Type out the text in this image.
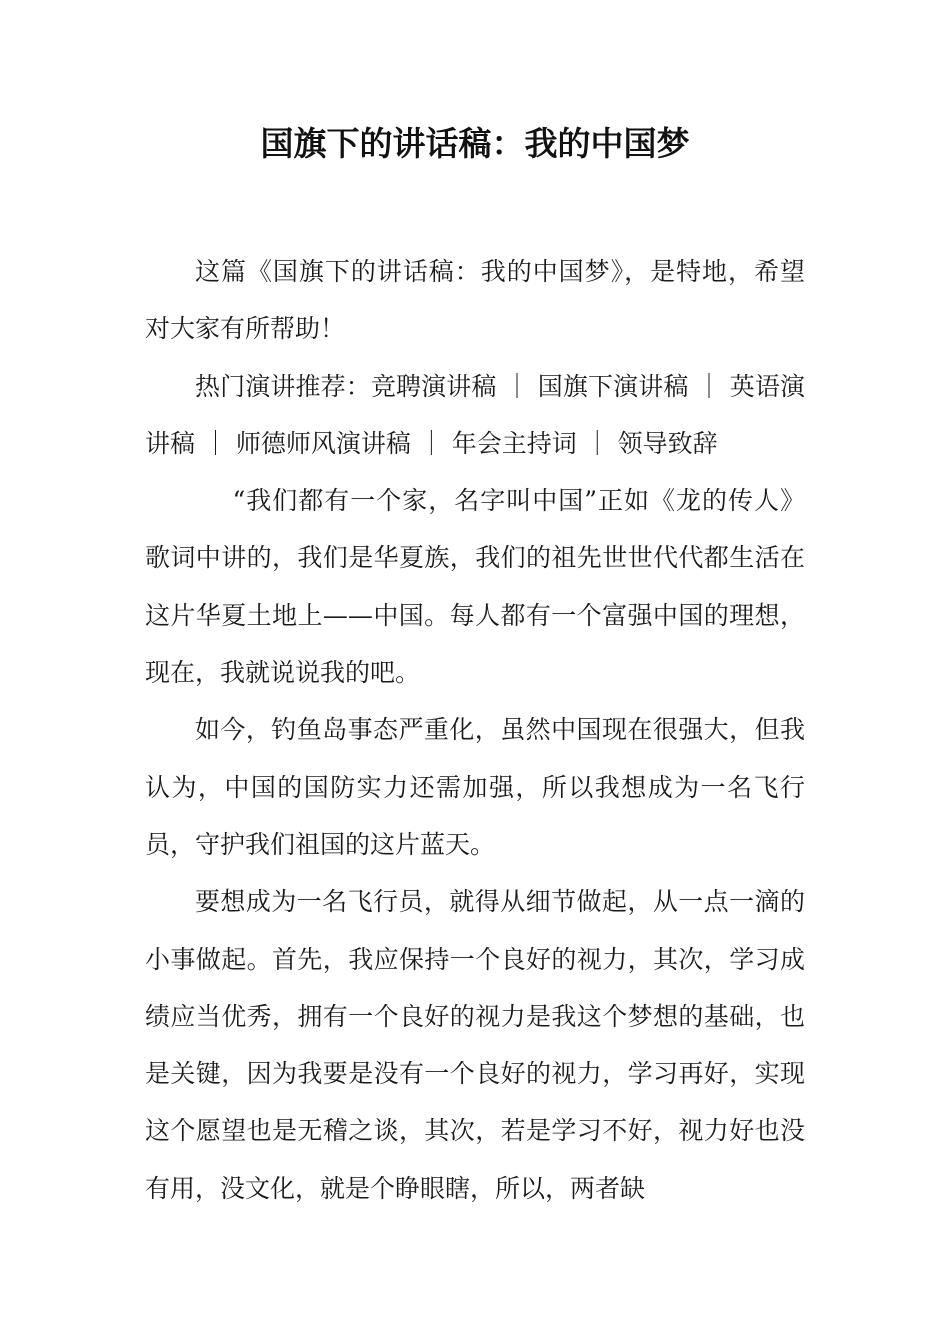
国旗下的讲话稿：我的中国梦

这篇《国旗下的讲话稿：我的中国梦》，是特地，希望对大家有所帮助！

热门演讲推荐：竞聘演讲稿 ｜ 国旗下演讲稿 ｜ 英语演讲稿 ｜ 师德师风演讲稿 ｜ 年会主持词 ｜ 领导致辞

“我们都有一个家，名字叫中国”正如《龙的传人》歌词中讲的，我们是华夏族，我们的祖先世世代代都生活在这片华夏土地上——中国。每人都有一个富强中国的理想，现在，我就说说我的吧。

如今，钓鱼岛事态严重化，虽然中国现在很强大，但我认为，中国的国防实力还需加强，所以我想成为一名飞行员，守护我们祖国的这片蓝天。

要想成为一名飞行员，就得从细节做起，从一点一滴的小事做起。首先，我应保持一个良好的视力，其次，学习成绩应当优秀，拥有一个良好的视力是我这个梦想的基础，也是关键，因为我要是没有一个良好的视力，学习再好，实现这个愿望也是无稽之谈，其次，若是学习不好，视力好也没有用，没文化，就是个睁眼瞎，所以，两者缺
